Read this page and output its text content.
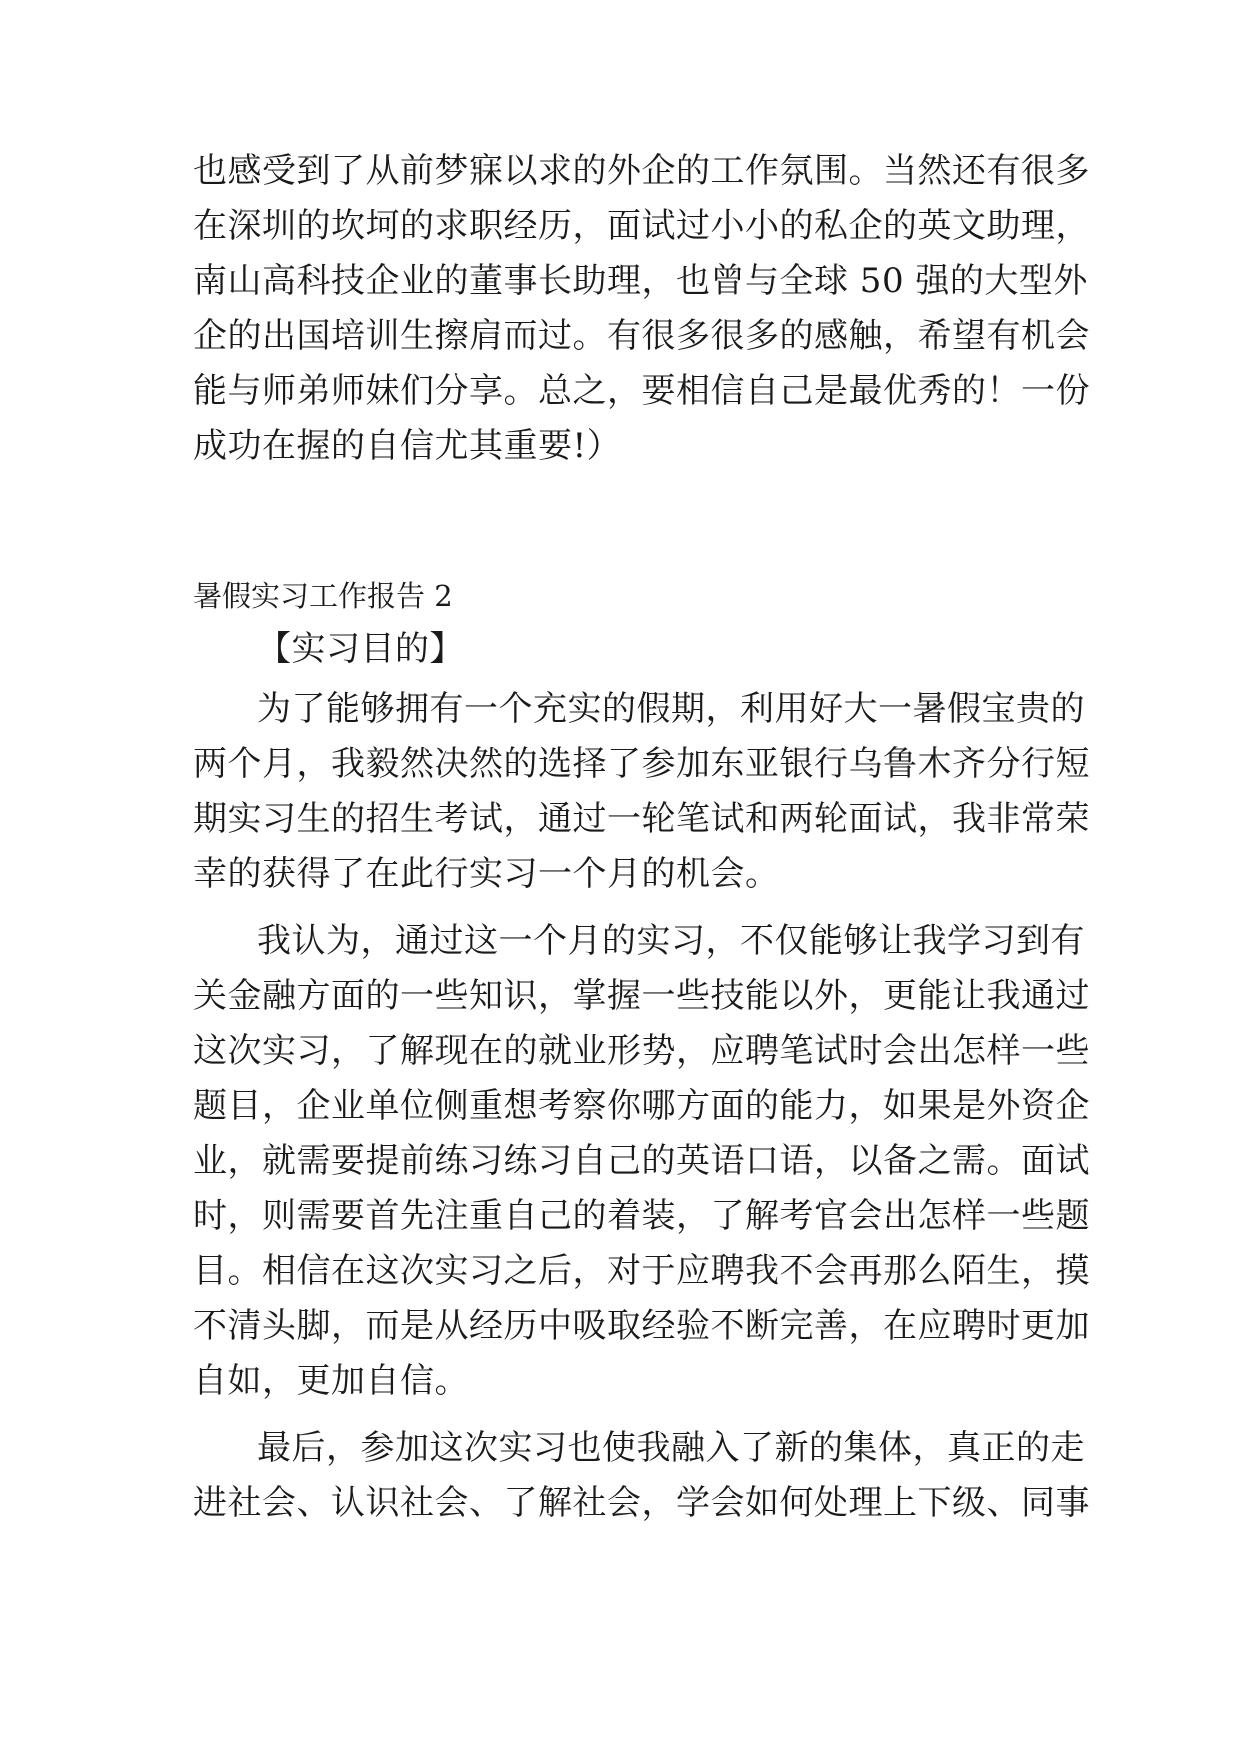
也感受到了从前梦寐以求的外企的工作氛围。当然还有很多
在深圳的坎坷的求职经历，面试过小小的私企的英文助理，
南山高科技企业的董事长助理，也曾与全球 50 强的大型外
企的出国培训生擦肩而过。有很多很多的感触，希望有机会
能与师弟师妹们分享。总之，要相信自己是最优秀的！一份
成功在握的自信尤其重要!）
暑假实习工作报告 2
【实习目的】
为了能够拥有一个充实的假期，利用好大一暑假宝贵的
两个月，我毅然决然的选择了参加东亚银行乌鲁木齐分行短
期实习生的招生考试，通过一轮笔试和两轮面试，我非常荣
幸的获得了在此行实习一个月的机会。
我认为，通过这一个月的实习，不仅能够让我学习到有
关金融方面的一些知识，掌握一些技能以外，更能让我通过
这次实习，了解现在的就业形势，应聘笔试时会出怎样一些
题目，企业单位侧重想考察你哪方面的能力，如果是外资企
业，就需要提前练习练习自己的英语口语，以备之需。面试
时，则需要首先注重自己的着装，了解考官会出怎样一些题
目。相信在这次实习之后，对于应聘我不会再那么陌生，摸
不清头脚，而是从经历中吸取经验不断完善，在应聘时更加
自如，更加自信。
最后，参加这次实习也使我融入了新的集体，真正的走
进社会、认识社会、了解社会，学会如何处理上下级、同事
